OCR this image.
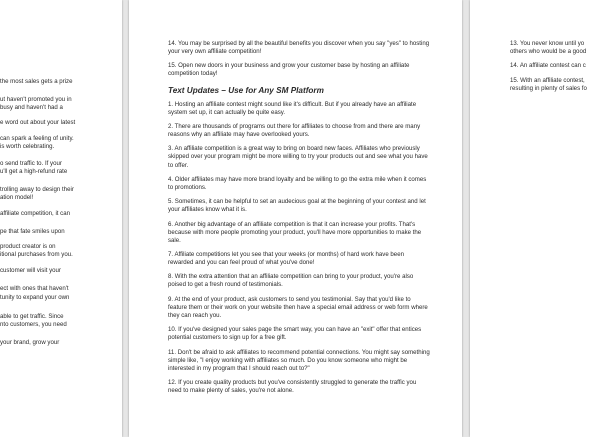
the most sales gets a prize

ut haven't promoted you in
busy and haven't had a

e word out about your latest

can spark a feeling of unity.
is worth celebrating.

o send traffic to. If your
u'll get a high-refund rate

trolling away to design their
ation model!

affiliate competition, it can

pe that fate smiles upon

product creator is on
itional purchases from you.

customer will visit your

ect with ones that haven't
tunity to expand your own

able to get traffic. Since
nto customers, you need

your brand, grow your

14. You may be surprised by all the beautiful benefits you discover when you say "yes" to hosting your very own affiliate competition!

15. Open new doors in your business and grow your customer base by hosting an affiliate competition today!

Text Updates – Use for Any SM Platform

1. Hosting an affiliate contest might sound like it's difficult. But if you already have an affiliate system set up, it can actually be quite easy.

2. There are thousands of programs out there for affiliates to choose from and there are many reasons why an affiliate may have overlooked yours.

3. An affiliate competition is a great way to bring on board new faces. Affiliates who previously skipped over your program might be more willing to try your products out and see what you have to offer.

4. Older affiliates may have more brand loyalty and be willing to go the extra mile when it comes to promotions.

5. Sometimes, it can be helpful to set an audecious goal at the beginning of your contest and let your affiliates know what it is.

6. Another big advantage of an affiliate competition is that it can increase your profits. That's because with more people promoting your product, you'll have more opportunities to make the sale.

7. Affiliate competitions let you see that your weeks (or months) of hard work have been rewarded and you can feel proud of what you've done!

8. With the extra attention that an affiliate competition can bring to your product, you're also poised to get a fresh round of testimonials.

9. At the end of your product, ask customers to send you testimonial. Say that you'd like to feature them or their work on your website then have a special email address or web form where they can reach you.

10. If you've designed your sales page the smart way, you can have an "exit" offer that entices potential customers to sign up for a free gift.

11. Don't be afraid to ask affiliates to recommend potential connections. You might say something simple like, "I enjoy working with affiliates so much. Do you know someone who might be interested in my program that I should reach out to?"

12. If you create quality products but you've consistently struggled to generate the traffic you need to make plenty of sales, you're not alone.

13. You never know until yo
others who would be a good

14. An affiliate contest can c

15. With an affiliate contest,
resulting in plenty of sales fo
